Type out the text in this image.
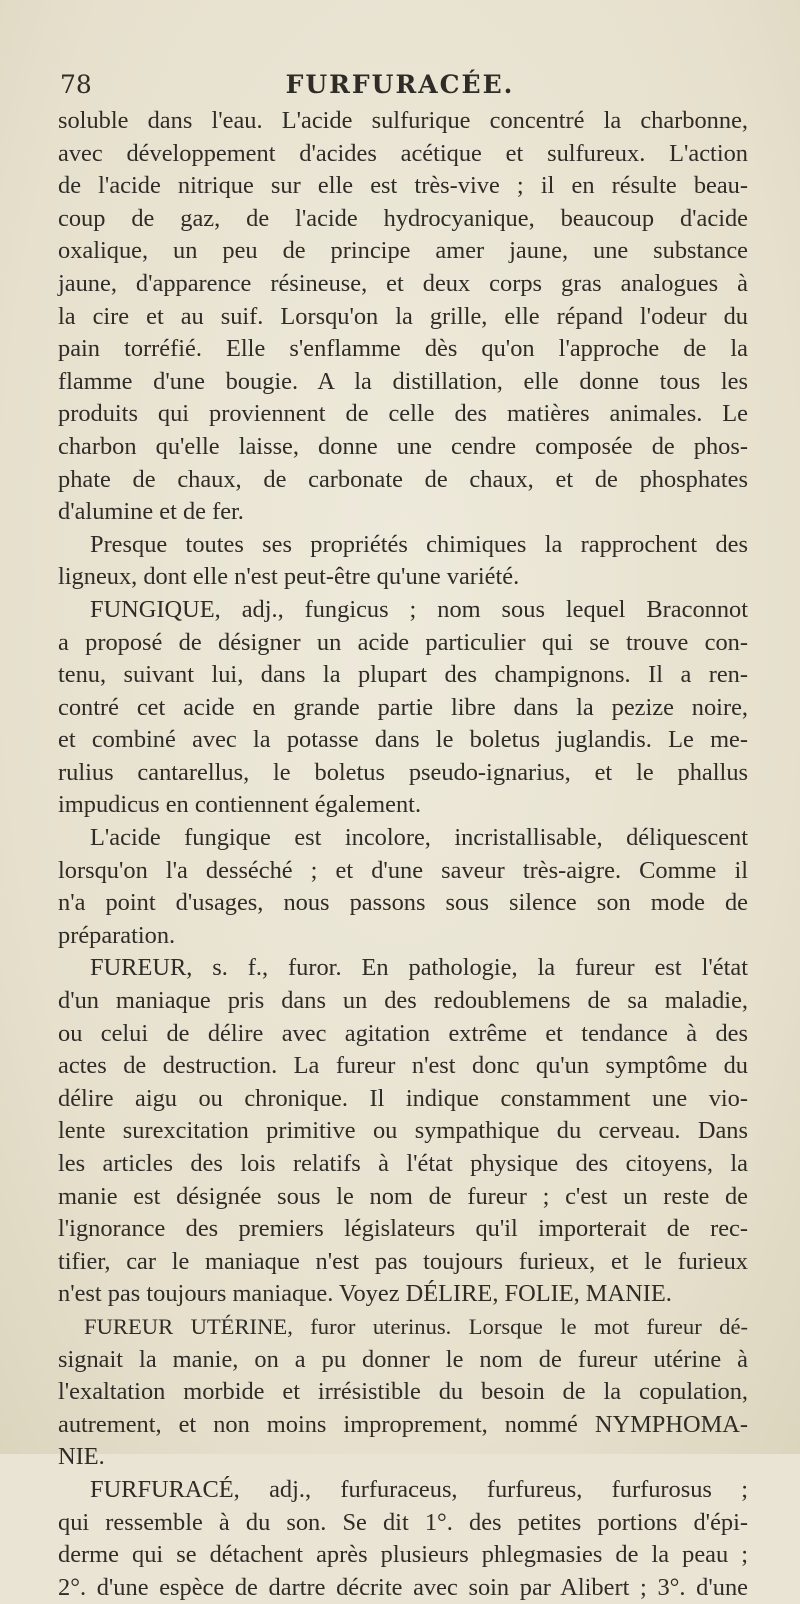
78	FURFURACÉE.
soluble dans l'eau. L'acide sulfurique concentré la charbonne,
avec développement d'acides acétique et sulfureux. L'action
de l'acide nitrique sur elle est très-vive ; il en résulte beau-
coup de gaz, de l'acide hydrocyanique, beaucoup d'acide
oxalique, un peu de principe amer jaune, une substance
jaune, d'apparence résineuse, et deux corps gras analogues à
la cire et au suif. Lorsqu'on la grille, elle répand l'odeur du
pain torréfié. Elle s'enflamme dès qu'on l'approche de la
flamme d'une bougie. A la distillation, elle donne tous les
produits qui proviennent de celle des matières animales. Le
charbon qu'elle laisse, donne une cendre composée de phos-
phate de chaux, de carbonate de chaux, et de phosphates
d'alumine et de fer.
Presque toutes ses propriétés chimiques la rapprochent des
ligneux, dont elle n'est peut-être qu'une variété.
FUNGIQUE, adj., fungicus ; nom sous lequel Braconnot
a proposé de désigner un acide particulier qui se trouve con-
tenu, suivant lui, dans la plupart des champignons. Il a ren-
contré cet acide en grande partie libre dans la pezize noire,
et combiné avec la potasse dans le boletus juglandis. Le me-
rulius cantarellus, le boletus pseudo-ignarius, et le phallus
impudicus en contiennent également.
L'acide fungique est incolore, incristallisable, déliquescent
lorsqu'on l'a desséché ; et d'une saveur très-aigre. Comme il
n'a point d'usages, nous passons sous silence son mode de
préparation.
FUREUR, s. f., furor. En pathologie, la fureur est l'état
d'un maniaque pris dans un des redoublemens de sa maladie,
ou celui de délire avec agitation extrême et tendance à des
actes de destruction. La fureur n'est donc qu'un symptôme du
délire aigu ou chronique. Il indique constamment une vio-
lente surexcitation primitive ou sympathique du cerveau. Dans
les articles des lois relatifs à l'état physique des citoyens, la
manie est désignée sous le nom de fureur ; c'est un reste de
l'ignorance des premiers législateurs qu'il importerait de rec-
tifier, car le maniaque n'est pas toujours furieux, et le furieux
n'est pas toujours maniaque. Voyez DÉLIRE, FOLIE, MANIE.
FUREUR UTÉRINE, furor uterinus. Lorsque le mot fureur dé-
signait la manie, on a pu donner le nom de fureur utérine à
l'exaltation morbide et irrésistible du besoin de la copulation,
autrement, et non moins improprement, nommé NYMPHOMA-
NIE.
FURFURACÉ, adj., furfuraceus, furfureus, furfurosus ;
qui ressemble à du son. Se dit 1°. des petites portions d'épi-
derme qui se détachent après plusieurs phlegmasies de la peau ;
2°. d'une espèce de dartre décrite avec soin par Alibert ; 3°. d'une
